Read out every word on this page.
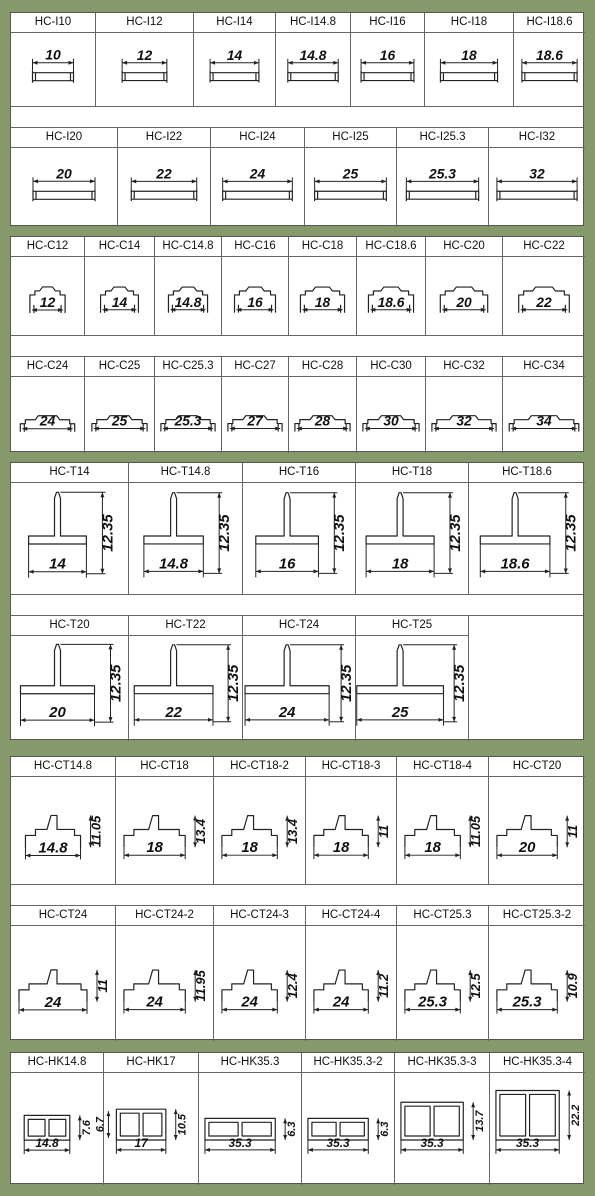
HC-I10
10
HC-I12
12
HC-I14
14
HC-I14.8
14.8
HC-I16
16
HC-I18
18
HC-I18.6
18.6
HC-I20
20
HC-I22
22
HC-I24
24
HC-I25
25
HC-I25.3
25.3
HC-I32
32
HC-C12
12
HC-C14
14
HC-C14.8
14.8
HC-C16
16
HC-C18
18
HC-C18.6
18.6
HC-C20
20
HC-C22
22
HC-C24
24
HC-C25
25
HC-C25.3
25.3
HC-C27
27
HC-C28
28
HC-C30
30
HC-C32
32
HC-C34
34
HC-T14
14
12.35
HC-T14.8
14.8
12.35
HC-T16
16
12.35
HC-T18
18
12.35
HC-T18.6
18.6
12.35
HC-T20
20
12.35
HC-T22
22
12.35
HC-T24
24
12.35
HC-T25
25
12.35
HC-CT14.8
14.8
11.05
HC-CT18
18
13.4
HC-CT18-2
18
13.4
HC-CT18-3
18
11
HC-CT18-4
18
11.05
HC-CT20
20
11
HC-CT24
24
11
HC-CT24-2
24
11.95
HC-CT24-3
24
12.4
HC-CT24-4
24
11.2
HC-CT25.3
25.3
12.5
HC-CT25.3-2
25.3
10.9
HC-HK14.8
14.8
7.6
HC-HK17
17
10.5
6.7
HC-HK35.3
35.3
6.3
HC-HK35.3-2
35.3
6.3
HC-HK35.3-3
35.3
13.7
HC-HK35.3-4
35.3
22.2
